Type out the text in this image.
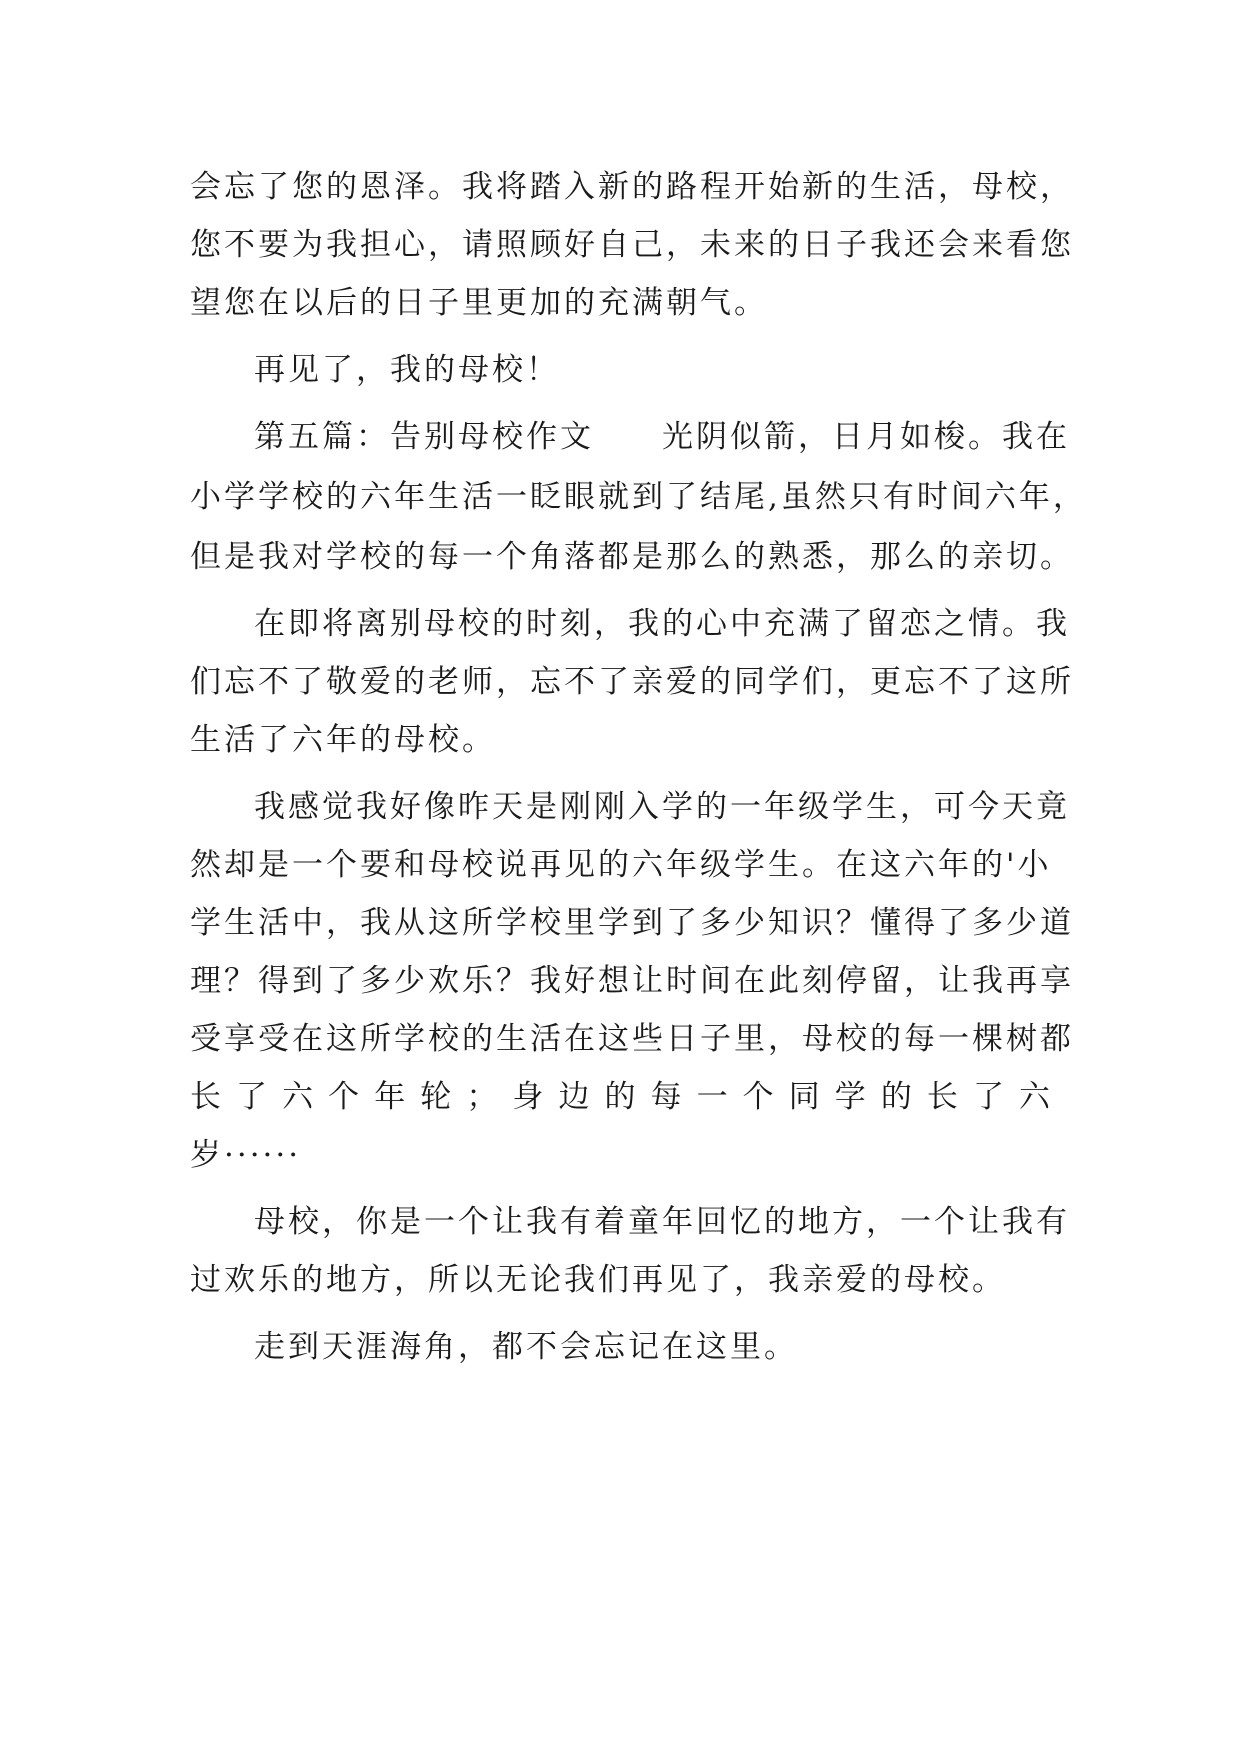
会忘了您的恩泽。我将踏入新的路程开始新的生活，母校，
您不要为我担心，请照顾好自己，未来的日子我还会来看您
望您在以后的日子里更加的充满朝气。
再见了，我的母校！
第五篇：告别母校作文　　光阴似箭，日月如梭。我在
小学学校的六年生活一眨眼就到了结尾,虽然只有时间六年，
但是我对学校的每一个角落都是那么的熟悉，那么的亲切。
在即将离别母校的时刻，我的心中充满了留恋之情。我
们忘不了敬爱的老师，忘不了亲爱的同学们，更忘不了这所
生活了六年的母校。
我感觉我好像昨天是刚刚入学的一年级学生，可今天竟
然却是一个要和母校说再见的六年级学生。在这六年的'小
学生活中，我从这所学校里学到了多少知识？懂得了多少道
理？得到了多少欢乐？我好想让时间在此刻停留，让我再享
受享受在这所学校的生活在这些日子里，母校的每一棵树都
长了六个年轮；身边的每一个同学的长了六
岁······
母校，你是一个让我有着童年回忆的地方，一个让我有
过欢乐的地方，所以无论我们再见了，我亲爱的母校。
走到天涯海角，都不会忘记在这里。
